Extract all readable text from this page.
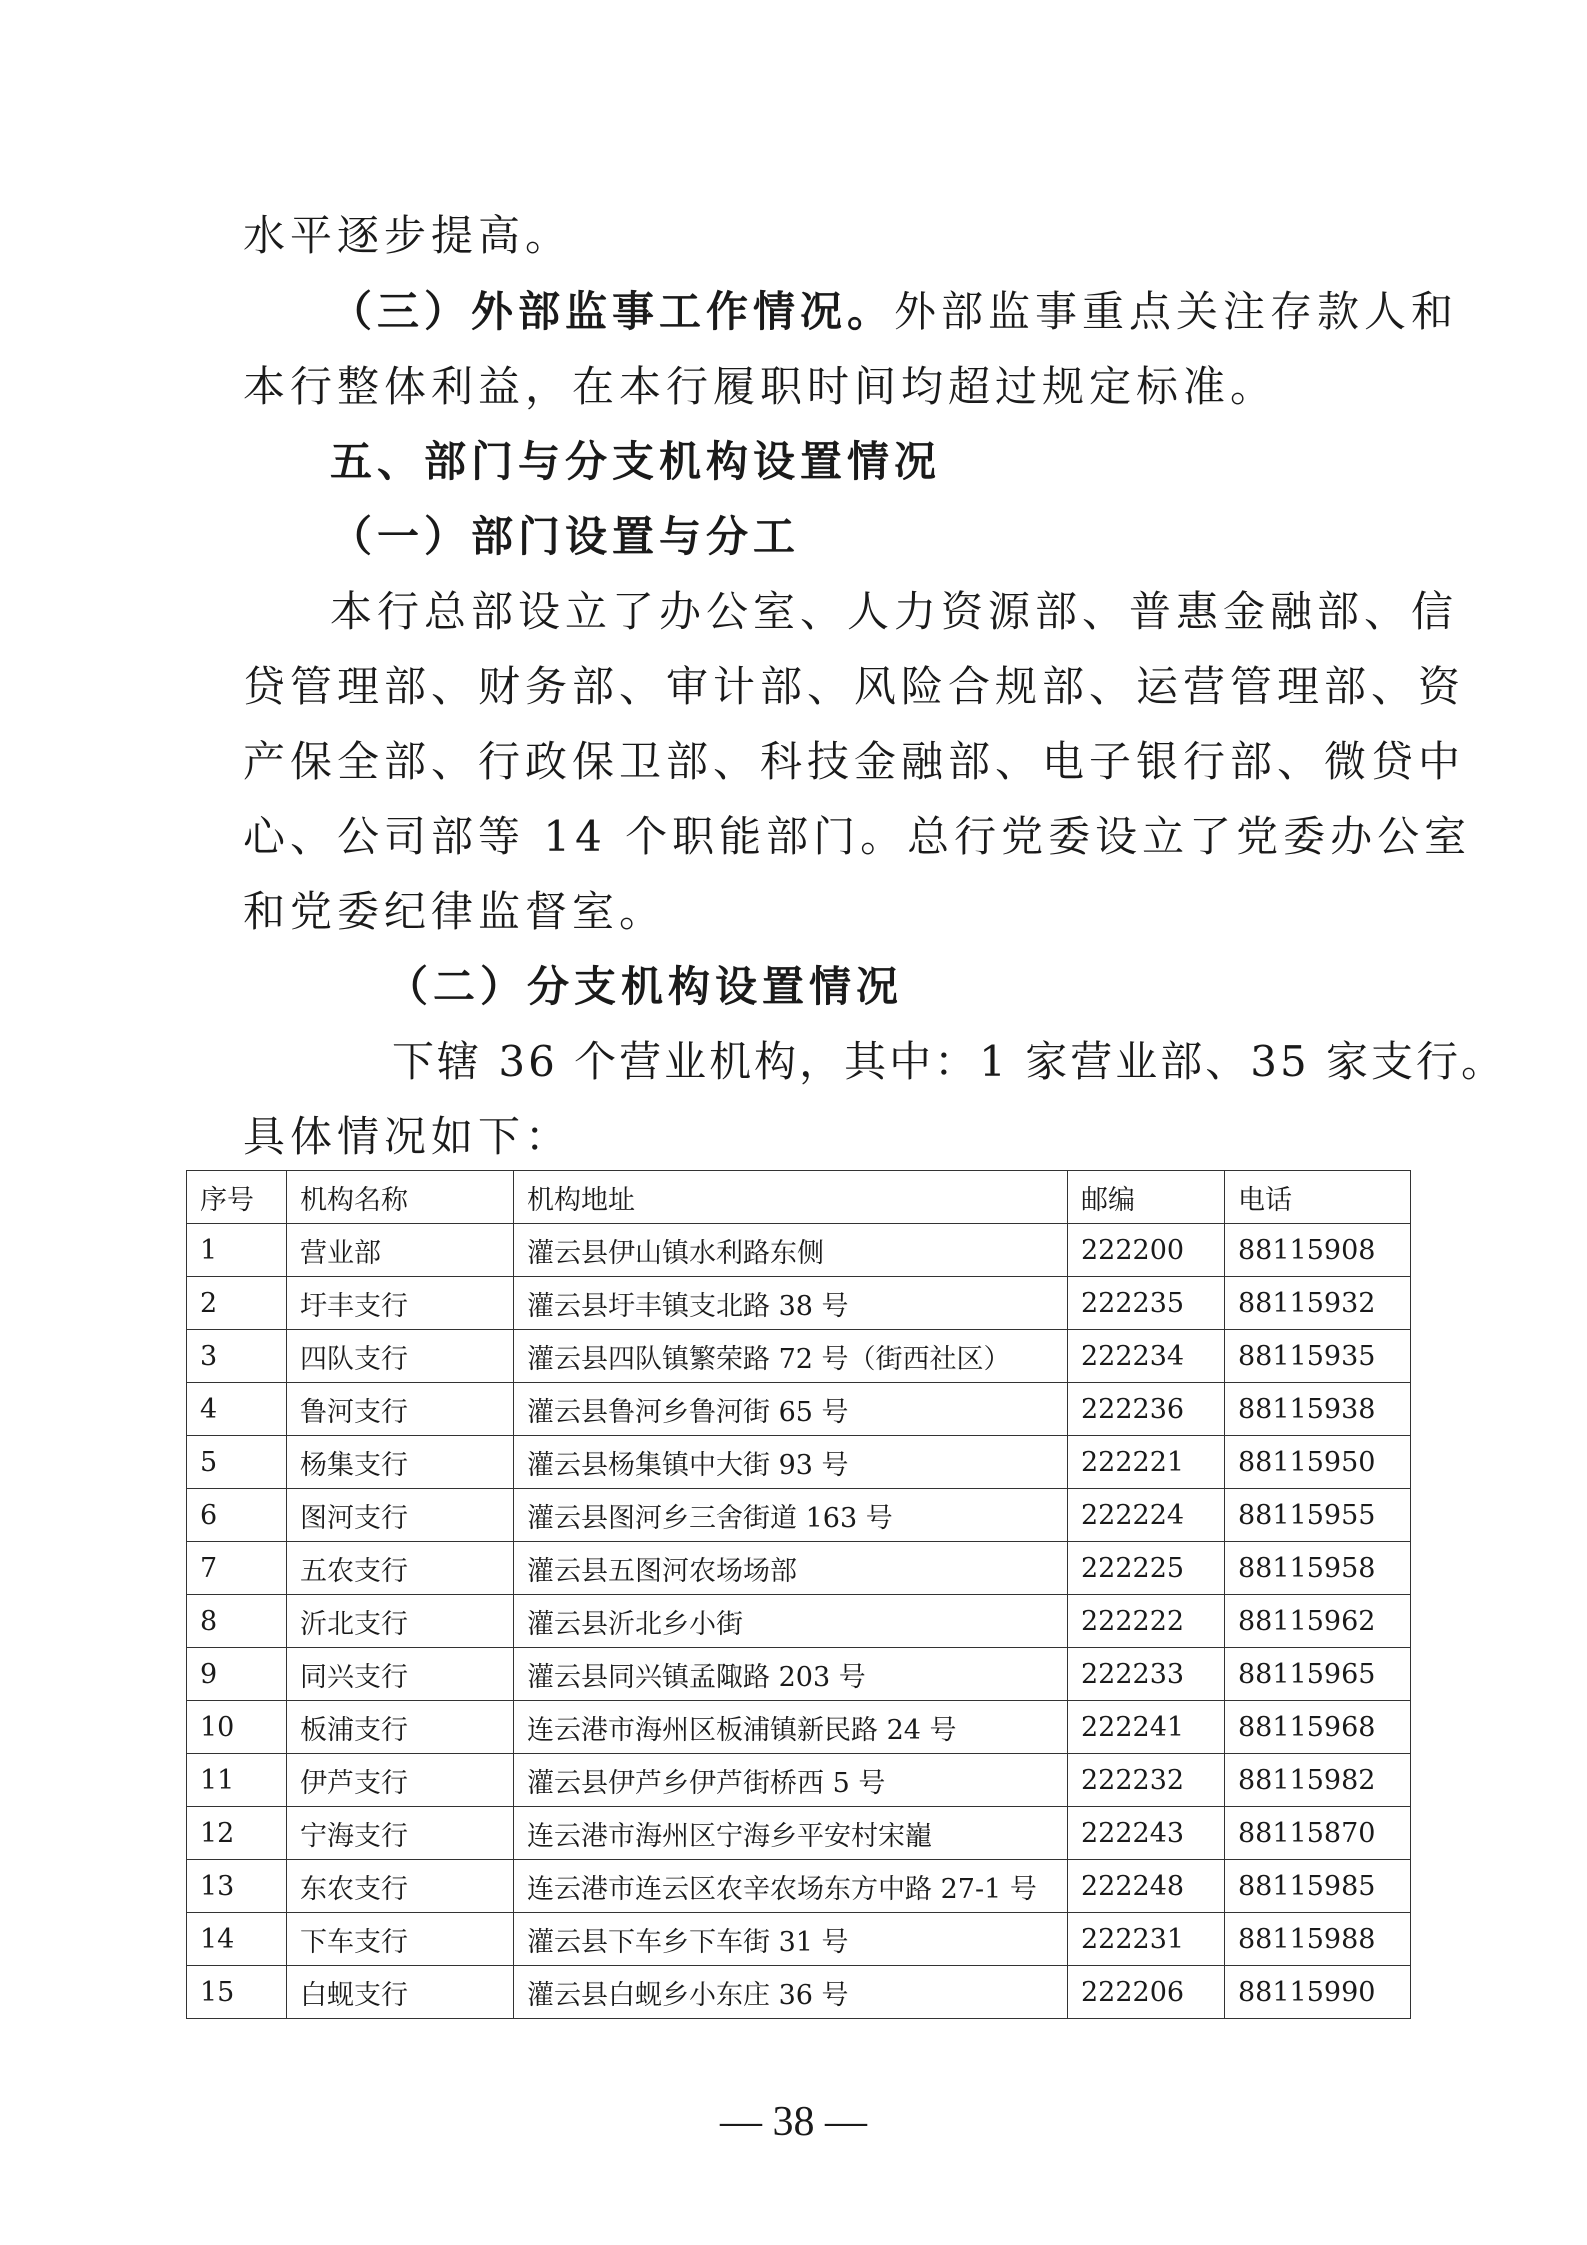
水平逐步提高。
（三）外部监事工作情况。外部监事重点关注存款人和
本行整体利益，在本行履职时间均超过规定标准。
五、部门与分支机构设置情况
（一）部门设置与分工
本行总部设立了办公室、人力资源部、普惠金融部、信
贷管理部、财务部、审计部、风险合规部、运营管理部、资
产保全部、行政保卫部、科技金融部、电子银行部、微贷中
心、公司部等 14 个职能部门。总行党委设立了党委办公室
和党委纪律监督室。
（二）分支机构设置情况
下辖 36 个营业机构，其中：1 家营业部、35 家支行。
具体情况如下：
序号	机构名称	机构地址	邮编	电话
1	营业部	灌云县伊山镇水利路东侧	222200	88115908
2	圩丰支行	灌云县圩丰镇支北路 38 号	222235	88115932
3	四队支行	灌云县四队镇繁荣路 72 号（街西社区）	222234	88115935
4	鲁河支行	灌云县鲁河乡鲁河街 65 号	222236	88115938
5	杨集支行	灌云县杨集镇中大街 93 号	222221	88115950
6	图河支行	灌云县图河乡三舍街道 163 号	222224	88115955
7	五农支行	灌云县五图河农场场部	222225	88115958
8	沂北支行	灌云县沂北乡小街	222222	88115962
9	同兴支行	灌云县同兴镇孟陬路 203 号	222233	88115965
10	板浦支行	连云港市海州区板浦镇新民路 24 号	222241	88115968
11	伊芦支行	灌云县伊芦乡伊芦街桥西 5 号	222232	88115982
12	宁海支行	连云港市海州区宁海乡平安村宋巃	222243	88115870
13	东农支行	连云港市连云区农辛农场东方中路 27-1 号	222248	88115985
14	下车支行	灌云县下车乡下车街 31 号	222231	88115988
15	白蚬支行	灌云县白蚬乡小东庄 36 号	222206	88115990
— 38 —
